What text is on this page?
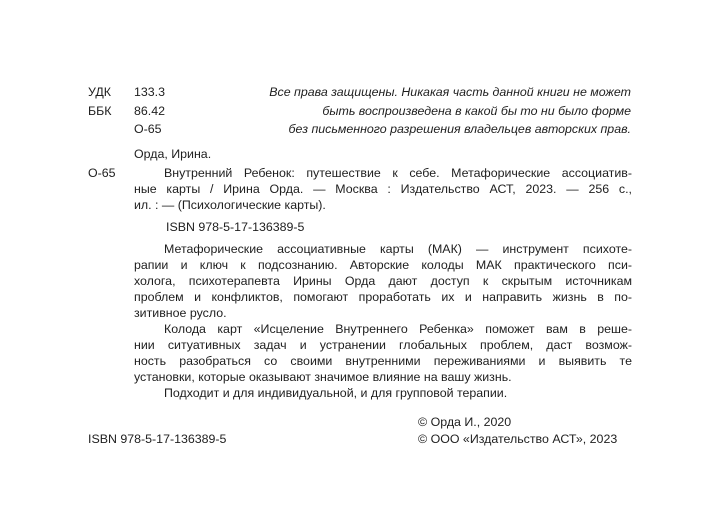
УДК 133.3
ББК 86.42
О-65
Все права защищены. Никакая часть данной книги не может
быть воспроизведена в какой бы то ни было форме
без письменного разрешения владельцев авторских прав.
Орда, Ирина.
О-65	Внутренний Ребенок: путешествие к себе. Метафорические ассоциатив-
ные карты / Ирина Орда. — Москва : Издательство АСТ, 2023. — 256 с.,
ил. : — (Психологические карты).
ISBN 978-5-17-136389-5
Метафорические ассоциативные карты (МАК) — инструмент психоте-
рапии и ключ к подсознанию. Авторские колоды МАК практического пси-
холога, психотерапевта Ирины Орда дают доступ к скрытым источникам
проблем и конфликтов, помогают проработать их и направить жизнь в по-
зитивное русло.
Колода карт «Исцеление Внутреннего Ребенка» поможет вам в реше-
нии ситуативных задач и устранении глобальных проблем, даст возмож-
ность разобраться со своими внутренними переживаниями и выявить те
установки, которые оказывают значимое влияние на вашу жизнь.
Подходит и для индивидуальной, и для групповой терапии.
© Орда И., 2020
© ООО «Издательство АСТ», 2023
ISBN 978-5-17-136389-5
